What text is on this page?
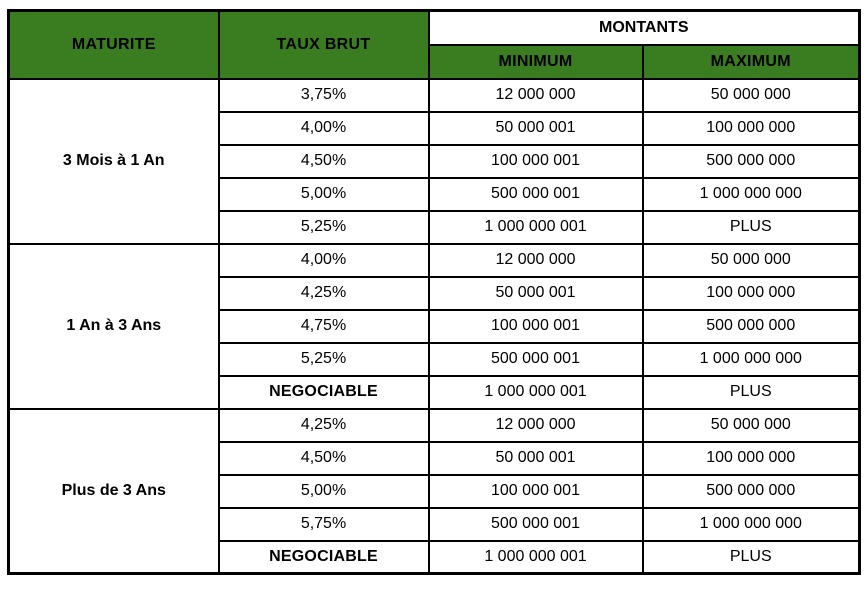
MATURITE	TAUX BRUT	MONTANTS	
		MINIMUM	MAXIMUM
3 Mois à 1 An	3,75%	12 000 000	50 000 000
	4,00%	50 000 001	100 000 000
	4,50%	100 000 001	500 000 000
	5,00%	500 000 001	1 000 000 000
	5,25%	1 000 000 001	PLUS
1 An à 3 Ans	4,00%	12 000 000	50 000 000
	4,25%	50 000 001	100 000 000
	4,75%	100 000 001	500 000 000
	5,25%	500 000 001	1 000 000 000
	NEGOCIABLE	1 000 000 001	PLUS
Plus de 3 Ans	4,25%	12 000 000	50 000 000
	4,50%	50 000 001	100 000 000
	5,00%	100 000 001	500 000 000
	5,75%	500 000 001	1 000 000 000
	NEGOCIABLE	1 000 000 001	PLUS
